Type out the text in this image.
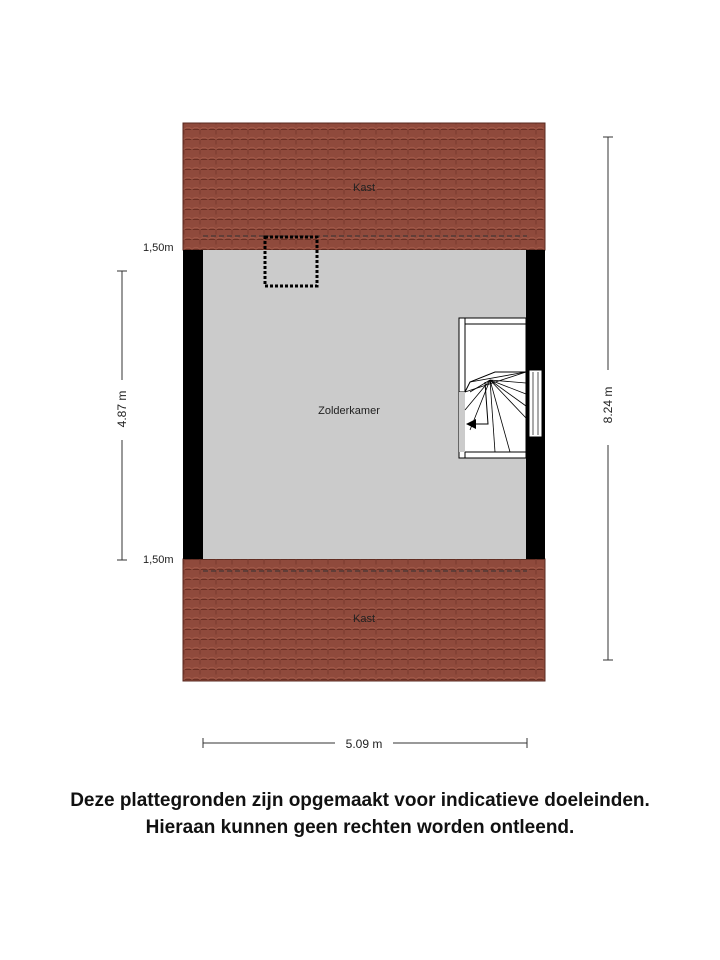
Kast
Zolderkamer
Kast
1,50m
1,50m
4.87 m	8.24 m
5.09 m

Deze plattegronden zijn opgemaakt voor indicatieve doeleinden.

Hieraan kunnen geen rechten worden ontleend.
